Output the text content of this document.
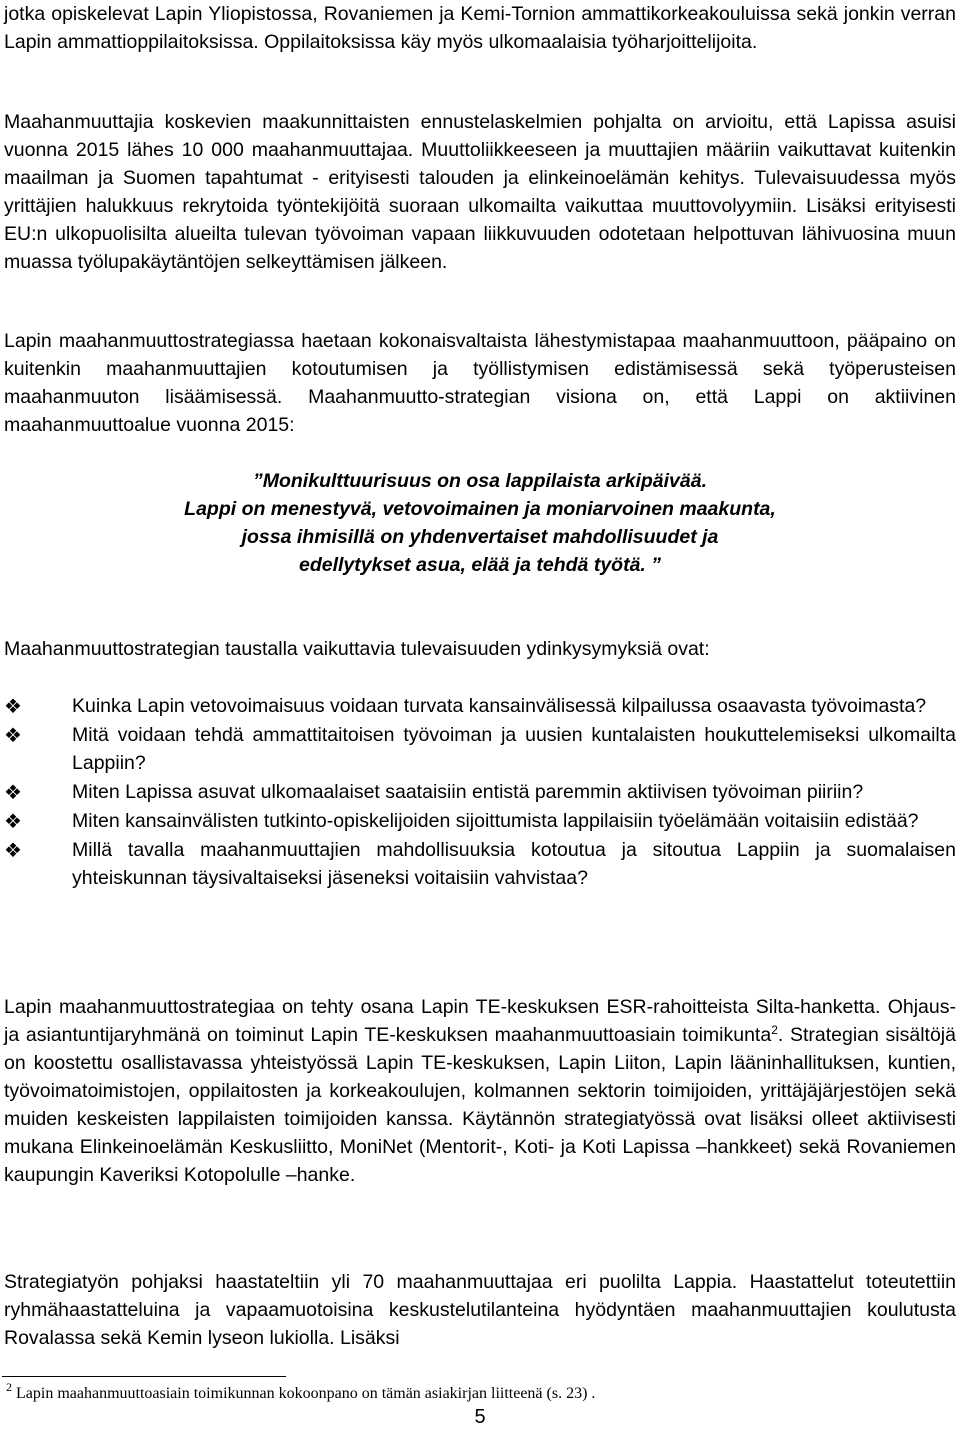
jotka opiskelevat Lapin Yliopistossa, Rovaniemen ja Kemi-Tornion ammattikorkeakouluissa sekä jonkin verran Lapin ammattioppilaitoksissa. Oppilaitoksissa käy myös ulkomaalaisia työharjoittelijoita.

Maahanmuuttajia koskevien maakunnittaisten ennustelaskelmien pohjalta on arvioitu, että Lapissa asuisi vuonna 2015 lähes 10 000 maahanmuuttajaa. Muuttoliikkeeseen ja muuttajien määriin vaikuttavat kuitenkin maailman ja Suomen tapahtumat - erityisesti talouden ja elinkeinoelämän kehitys. Tulevaisuudessa myös yrittäjien halukkuus rekrytoida työntekijöitä suoraan ulkomailta vaikuttaa muuttovolyymiin. Lisäksi erityisesti EU:n ulkopuolisilta alueilta tulevan työvoiman vapaan liikkuvuuden odotetaan helpottuvan lähivuosina muun muassa työlupakäytäntöjen selkeyttämisen jälkeen.

Lapin maahanmuuttostrategiassa haetaan kokonaisvaltaista lähestymistapaa maahanmuuttoon, pääpaino on kuitenkin maahanmuuttajien kotoutumisen ja työllistymisen edistämisessä sekä työperusteisen maahanmuuton lisäämisessä. Maahanmuutto-strategian visiona on, että Lappi on aktiivinen maahanmuuttoalue vuonna 2015:

”Monikulttuurisuus on osa lappilaista arkipäivää.

Lappi on menestyvä, vetovoimainen ja moniarvoinen maakunta,

jossa ihmisillä on yhdenvertaiset mahdollisuudet ja

edellytykset asua, elää ja tehdä työtä. ”

Maahanmuuttostrategian taustalla vaikuttavia tulevaisuuden ydinkysymyksiä ovat:

❖	Kuinka Lapin vetovoimaisuus voidaan turvata kansainvälisessä kilpailussa osaavasta työvoimasta?
❖	Mitä voidaan tehdä ammattitaitoisen työvoiman ja uusien kuntalaisten houkuttelemiseksi ulkomailta Lappiin?
❖	Miten Lapissa asuvat ulkomaalaiset saataisiin entistä paremmin aktiivisen työvoiman piiriin?
❖	Miten kansainvälisten tutkinto-opiskelijoiden sijoittumista lappilaisiin työelämään voitaisiin edistää?
❖	Millä tavalla maahanmuuttajien mahdollisuuksia kotoutua ja sitoutua Lappiin ja suomalaisen yhteiskunnan täysivaltaiseksi jäseneksi voitaisiin vahvistaa?

Lapin maahanmuuttostrategiaa on tehty osana Lapin TE-keskuksen ESR-rahoitteista Silta-hanketta. Ohjaus- ja asiantuntijaryhmänä on toiminut Lapin TE-keskuksen maahanmuuttoasiain toimikunta$^2$. Strategian sisältöjä on koostettu osallistavassa yhteistyössä Lapin TE-keskuksen, Lapin Liiton, Lapin lääninhallituksen, kuntien, työvoimatoimistojen, oppilaitosten ja korkeakoulujen, kolmannen sektorin toimijoiden, yrittäjäjärjestöjen sekä muiden keskeisten lappilaisten toimijoiden kanssa. Käytännön strategiatyössä ovat lisäksi olleet aktiivisesti mukana Elinkeinoelämän Keskusliitto, MoniNet (Mentorit-, Koti- ja Koti Lapissa –hankkeet) sekä Rovaniemen kaupungin Kaveriksi Kotopolulle –hanke.

Strategiatyön pohjaksi haastateltiin yli 70 maahanmuuttajaa eri puolilta Lappia. Haastattelut toteutettiin ryhmähaastatteluina ja vapaamuotoisina keskustelutilanteina hyödyntäen maahanmuuttajien koulutusta Rovalassa sekä Kemin lyseon lukiolla. Lisäksi

$^2$ Lapin maahanmuuttoasiain toimikunnan kokoonpano on tämän asiakirjan liitteenä (s. 23) .
5
